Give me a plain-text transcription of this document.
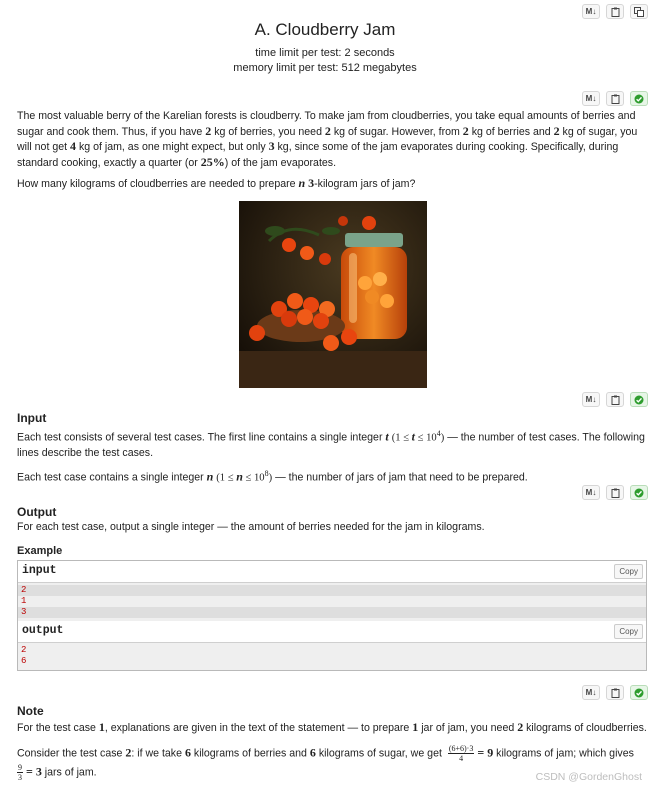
M↓
A. Cloudberry Jam
time limit per test: 2 seconds
memory limit per test: 512 megabytes
M↓
The most valuable berry of the Karelian forests is cloudberry. To make jam from cloudberries, you take equal amounts of berries and sugar and cook them. Thus, if you have 2 kg of berries, you need 2 kg of sugar. However, from 2 kg of berries and 2 kg of sugar, you will not get 4 kg of jam, as one might expect, but only 3 kg, since some of the jam evaporates during cooking. Specifically, during standard cooking, exactly a quarter (or 25%) of the jam evaporates.
How many kilograms of cloudberries are needed to prepare n 3-kilogram jars of jam?
M↓
Input
Each test consists of several test cases. The first line contains a single integer t $(1 \le t \le 10^4)$ — the number of test cases. The following lines describe the test cases.
Each test case contains a single integer n $(1 \le n \le 10^8)$ — the number of jars of jam that need to be prepared.
M↓
Output
For each test case, output a single integer — the amount of berries needed for the jam in kilograms.
Example
input	Copy
2
1
3
output	Copy
2
6
M↓
Note
For the test case 1, explanations are given in the text of the statement — to prepare 1 jar of jam, you need 2 kilograms of cloudberries.
Consider the test case 2: if we take 6 kilograms of berries and 6 kilograms of sugar, we get $\frac{(6+6)\cdot 3}{4} = 9$ kilograms of jam; which gives

$\frac{9}{3} = 3$ jars of jam.	CSDN @GordenGhost
